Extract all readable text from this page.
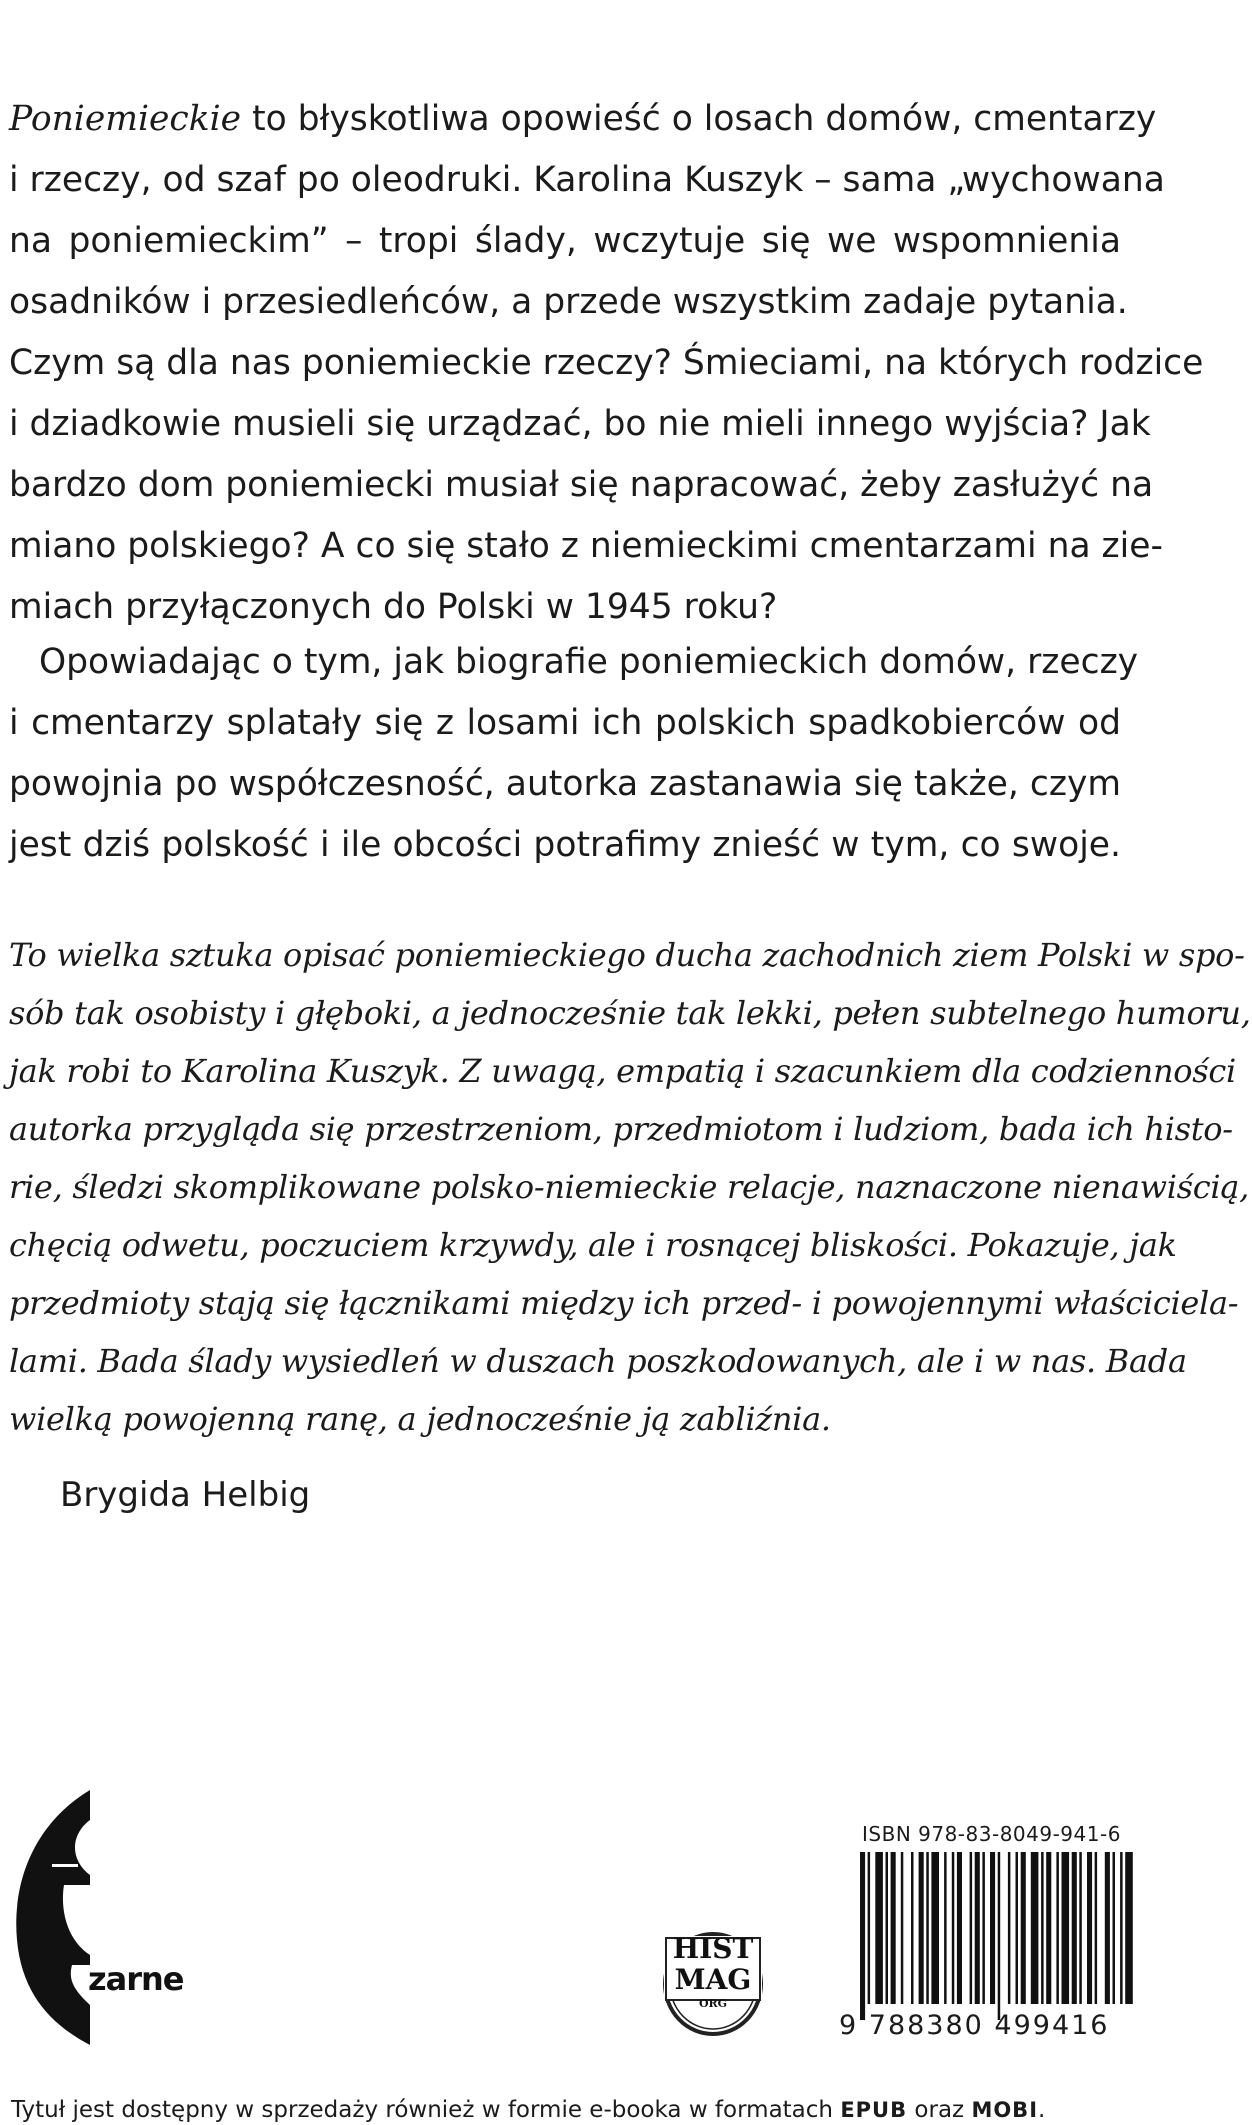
Poniemieckie to błyskotliwa opowieść o losach domów, cmentarzy
i rzeczy, od szaf po oleodruki. Karolina Kuszyk – sama „wychowana
na poniemieckim” – tropi ślady, wczytuje się we wspomnienia
osadników i przesiedleńców, a przede wszystkim zadaje pytania.
Czym są dla nas poniemieckie rzeczy? Śmieciami, na których rodzice
i dziadkowie musieli się urządzać, bo nie mieli innego wyjścia? Jak
bardzo dom poniemiecki musiał się napracować, żeby zasłużyć na
miano polskiego? A co się stało z niemieckimi cmentarzami na zie-
miach przyłączonych do Polski w 1945 roku?
Opowiadając o tym, jak biografie poniemieckich domów, rzeczy
i cmentarzy splatały się z losami ich polskich spadkobierców od
powojnia po współczesność, autorka zastanawia się także, czym
jest dziś polskość i ile obcości potrafimy znieść w tym, co swoje.
To wielka sztuka opisać poniemieckiego ducha zachodnich ziem Polski w spo-
sób tak osobisty i głęboki, a jednocześnie tak lekki, pełen subtelnego humoru,
jak robi to Karolina Kuszyk. Z uwagą, empatią i szacunkiem dla codzienności
autorka przygląda się przestrzeniom, przedmiotom i ludziom, bada ich histo-
rie, śledzi skomplikowane polsko-niemieckie relacje, naznaczone nienawiścią,
chęcią odwetu, poczuciem krzywdy, ale i rosnącej bliskości. Pokazuje, jak
przedmioty stają się łącznikami między ich przed- i powojennymi właściciela-
lami. Bada ślady wysiedleń w duszach poszkodowanych, ale i w nas. Bada
wielką powojenną ranę, a jednocześnie ją zabliźnia.
Brygida Helbig
zarne
HIST
MAG
ORG
ISBN 978-83-8049-941-6
9 788380 499416
Tytuł jest dostępny w sprzedaży również w formie e-booka w formatach EPUB oraz MOBI.
